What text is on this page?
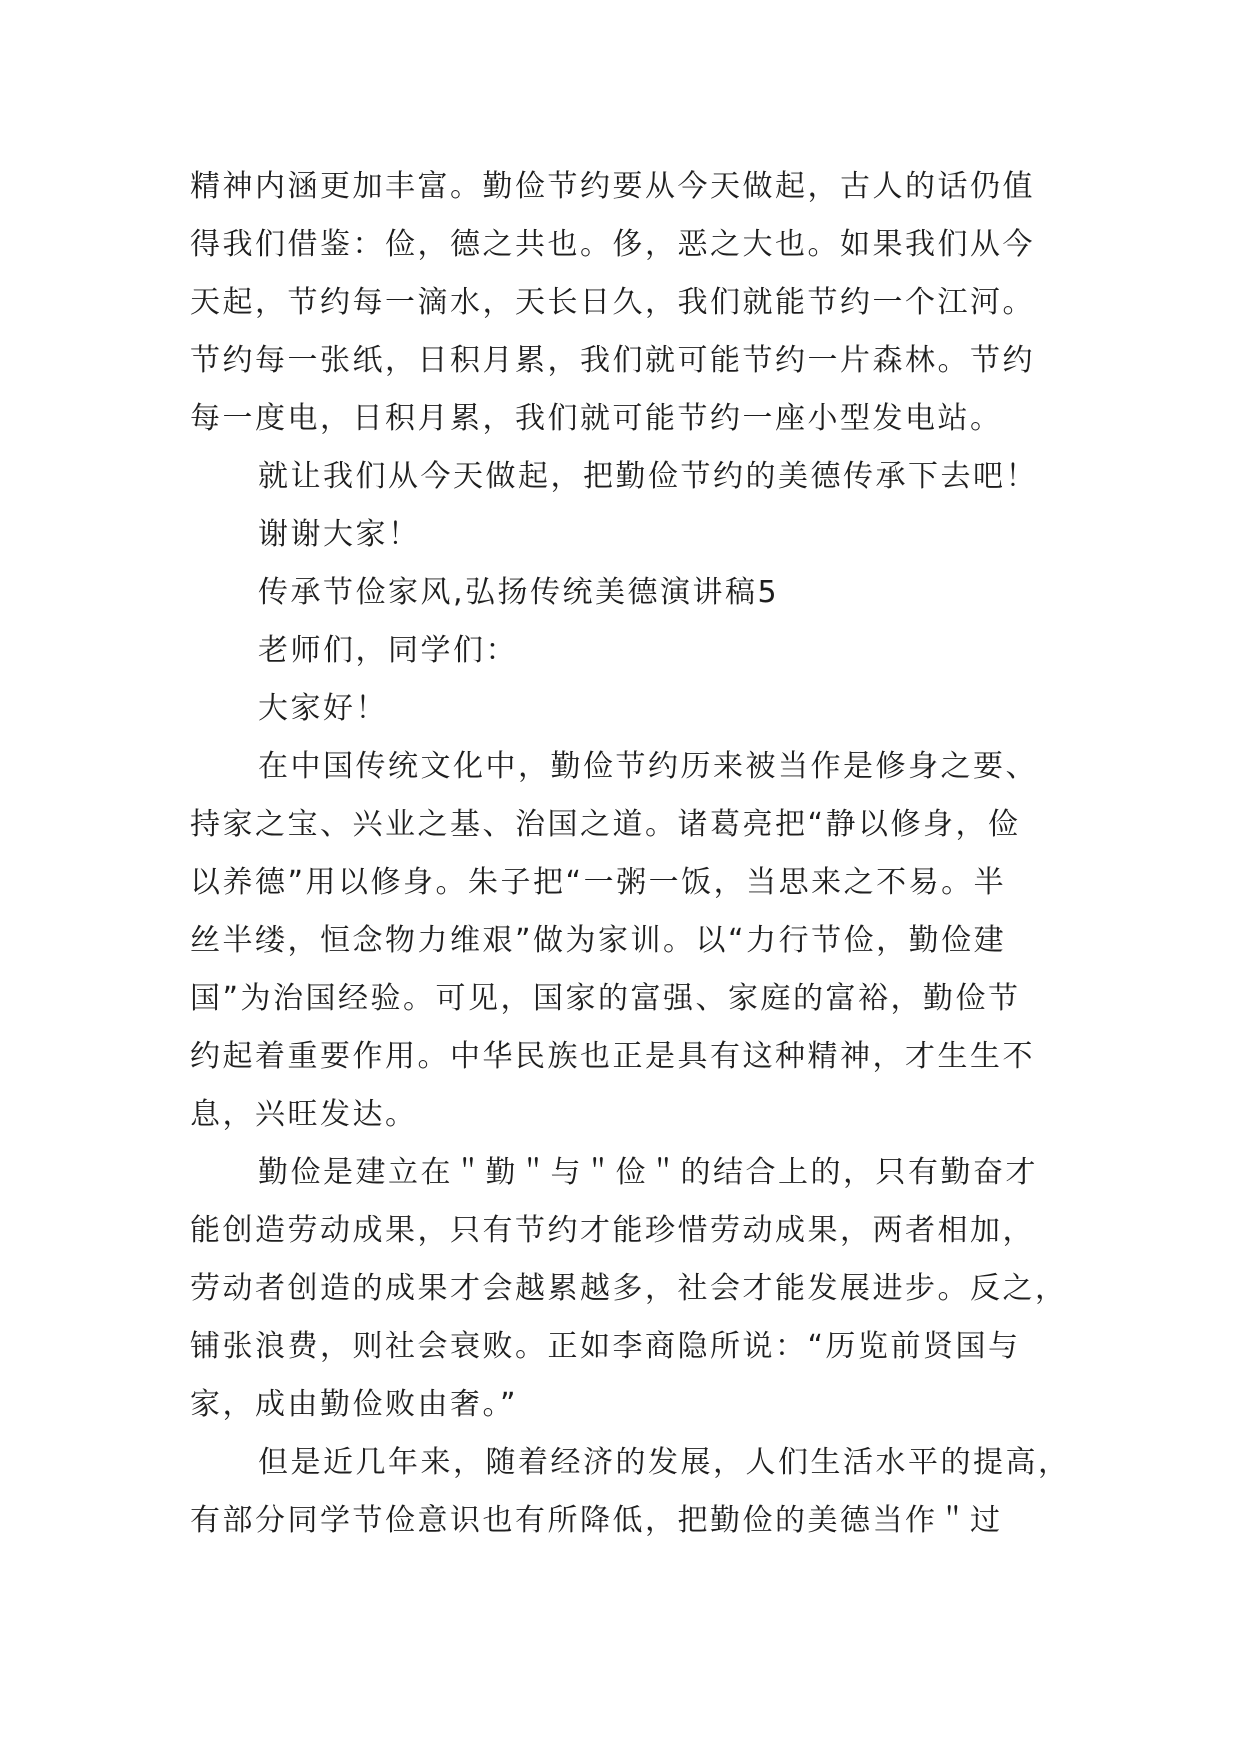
精神内涵更加丰富。勤俭节约要从今天做起，古人的话仍值
得我们借鉴：俭，德之共也。侈，恶之大也。如果我们从今
天起，节约每一滴水，天长日久，我们就能节约一个江河。
节约每一张纸，日积月累，我们就可能节约一片森林。节约
每一度电，日积月累，我们就可能节约一座小型发电站。
就让我们从今天做起，把勤俭节约的美德传承下去吧！
谢谢大家！
传承节俭家风,弘扬传统美德演讲稿5
老师们，同学们：
大家好！
在中国传统文化中，勤俭节约历来被当作是修身之要、
持家之宝、兴业之基、治国之道。诸葛亮把“静以修身，俭
以养德”用以修身。朱子把“一粥一饭，当思来之不易。半
丝半缕，恒念物力维艰”做为家训。以“力行节俭，勤俭建
国”为治国经验。可见，国家的富强、家庭的富裕，勤俭节
约起着重要作用。中华民族也正是具有这种精神，才生生不
息，兴旺发达。
勤俭是建立在＂勤＂与＂俭＂的结合上的，只有勤奋才
能创造劳动成果，只有节约才能珍惜劳动成果，两者相加，
劳动者创造的成果才会越累越多，社会才能发展进步。反之，
铺张浪费，则社会衰败。正如李商隐所说：“历览前贤国与
家，成由勤俭败由奢。”
但是近几年来，随着经济的发展，人们生活水平的提高，
有部分同学节俭意识也有所降低，把勤俭的美德当作＂过
